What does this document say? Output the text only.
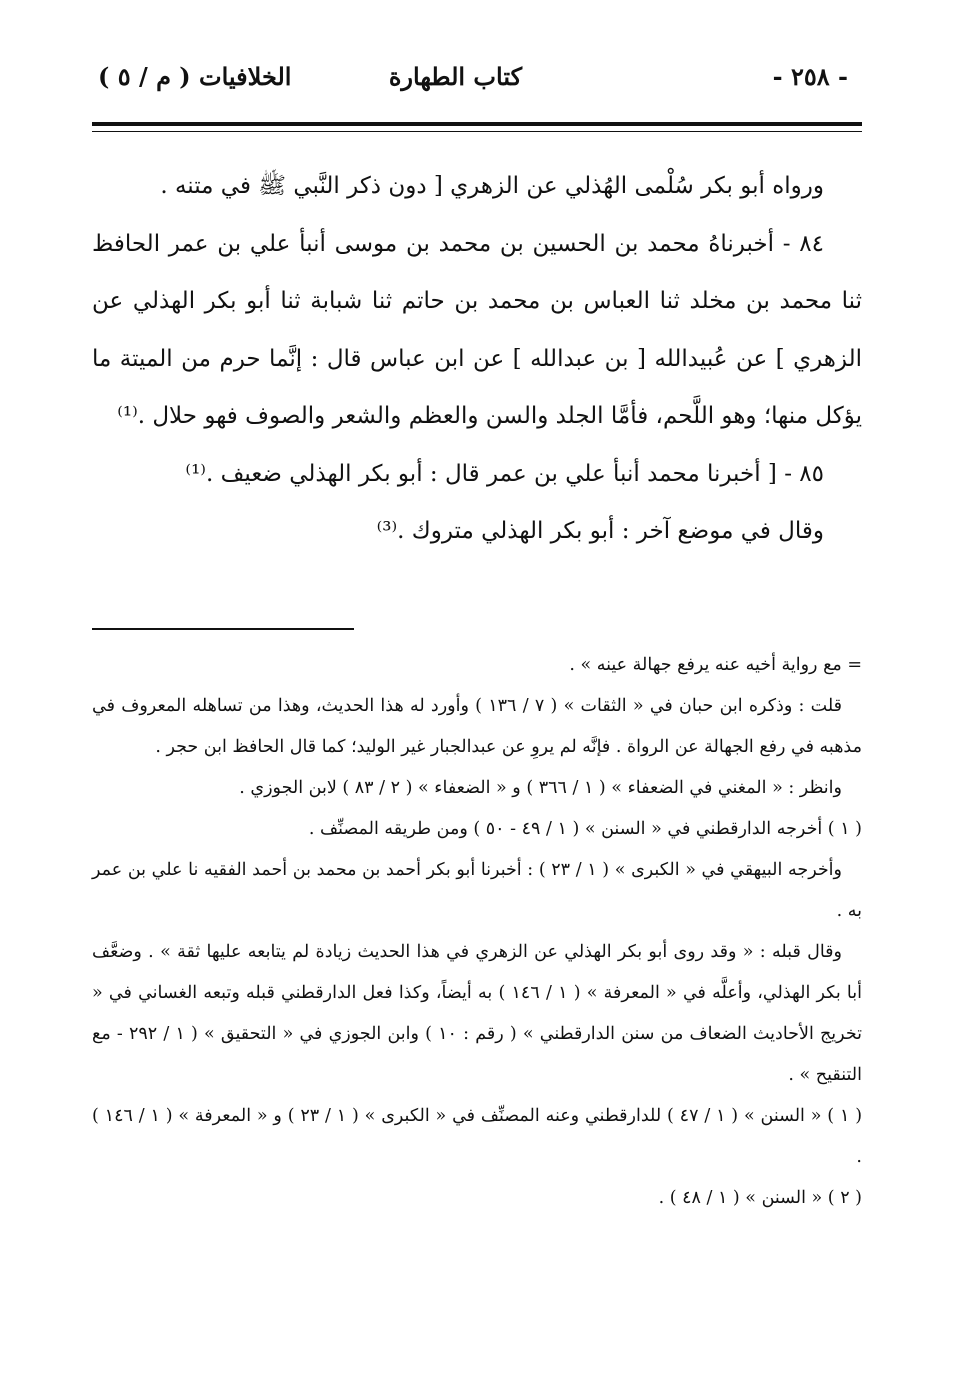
- ٢٥٨ -
كتاب الطهارة
الخلافيات ( م / ٥ )

ورواه أبو بكر سُلْمى الهُذلي عن الزهري [ دون ذكر النَّبي ﷺ في متنه .

٨٤ - أخبرناهُ محمد بن الحسين بن محمد بن موسى أنبأ علي بن عمر الحافظ ثنا محمد بن مخلد ثنا العباس بن محمد بن حاتم ثنا شبابة ثنا أبو بكر الهذلي عن الزهري ] عن عُبيدالله [ بن عبدالله ] عن ابن عباس قال : إنَّما حرم من الميتة ما يؤكل منها؛ وهو اللَّحم، فأمَّا الجلد والسن والعظم والشعر والصوف فهو حلال .⁽¹⁾

٨٥ - [ أخبرنا محمد أنبأ علي بن عمر قال : أبو بكر الهذلي ضعيف .⁽¹⁾

وقال في موضع آخر : أبو بكر الهذلي متروك .⁽³⁾

= مع رواية أخيه عنه يرفع جهالة عينه » .

قلت : وذكره ابن حبان في « الثقات » ( ٧ / ١٣٦ ) وأورد له هذا الحديث، وهذا من تساهله المعروف في مذهبه في رفع الجهالة عن الرواة . فإنَّه لم يروِ عن عبدالجبار غير الوليد؛ كما قال الحافظ ابن حجر .

وانظر : « المغني في الضعفاء » ( ١ / ٣٦٦ ) و « الضعفاء » ( ٢ / ٨٣ ) لابن الجوزي .

( ١ ) أخرجه الدارقطني في « السنن » ( ١ / ٤٩ - ٥٠ ) ومن طريقه المصنِّف .

وأخرجه البيهقي في « الكبرى » ( ١ / ٢٣ ) : أخبرنا أبو بكر أحمد بن محمد بن أحمد الفقيه نا علي بن عمر به .

وقال قبله : « وقد روى أبو بكر الهذلي عن الزهري في هذا الحديث زيادة لم يتابعه عليها ثقة » . وضعَّف أبا بكر الهذلي، وأعلَّه في « المعرفة » ( ١ / ١٤٦ ) به أيضاً، وكذا فعل الدارقطني قبله وتبعه الغساني في « تخريج الأحاديث الضعاف من سنن الدارقطني » ( رقم : ١٠ ) وابن الجوزي في « التحقيق » ( ١ / ٢٩٢ - مع التنقيح » .

( ١ ) « السنن » ( ١ / ٤٧ ) للدارقطني وعنه المصنِّف في « الكبرى » ( ١ / ٢٣ ) و « المعرفة » ( ١ / ١٤٦ ) .

( ٢ ) « السنن » ( ١ / ٤٨ ) .
